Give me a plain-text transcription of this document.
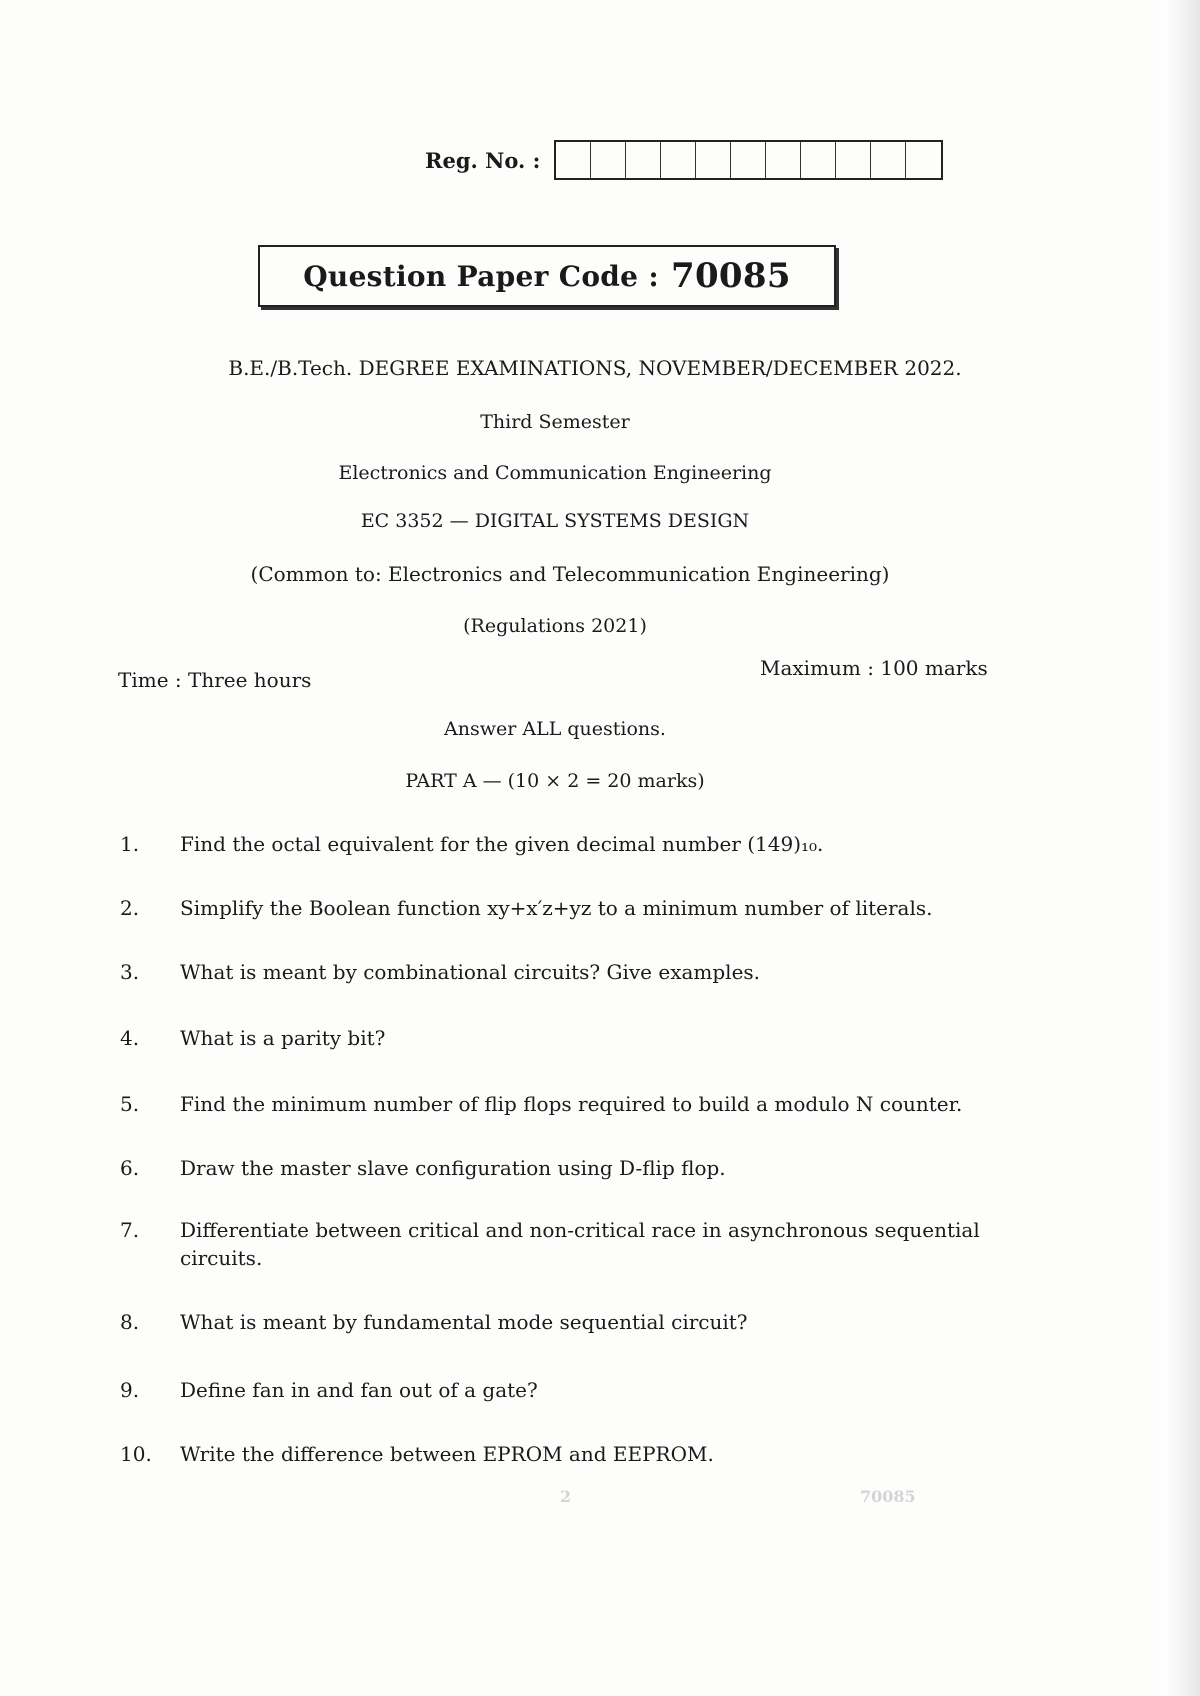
70085
2
Reg. No. :
Question Paper Code : 70085
B.E./B.Tech. DEGREE EXAMINATIONS, NOVEMBER/DECEMBER 2022.
Third Semester
Electronics and Communication Engineering
EC 3352 — DIGITAL SYSTEMS DESIGN
(Common to: Electronics and Telecommunication Engineering)
(Regulations 2021)
Time : Three hours	Maximum : 100 marks
Answer ALL questions.
PART A — (10 × 2 = 20 marks)
1.	Find the octal equivalent for the given decimal number (149)₁₀.
2.	Simplify the Boolean function xy+x′z+yz to a minimum number of literals.
3.	What is meant by combinational circuits? Give examples.
4.	What is a parity bit?
5.	Find the minimum number of flip flops required to build a modulo N counter.
6.	Draw the master slave configuration using D-flip flop.
7.	Differentiate between critical and non-critical race in asynchronous sequential circuits.
8.	What is meant by fundamental mode sequential circuit?
9.	Define fan in and fan out of a gate?
10.	Write the difference between EPROM and EEPROM.
